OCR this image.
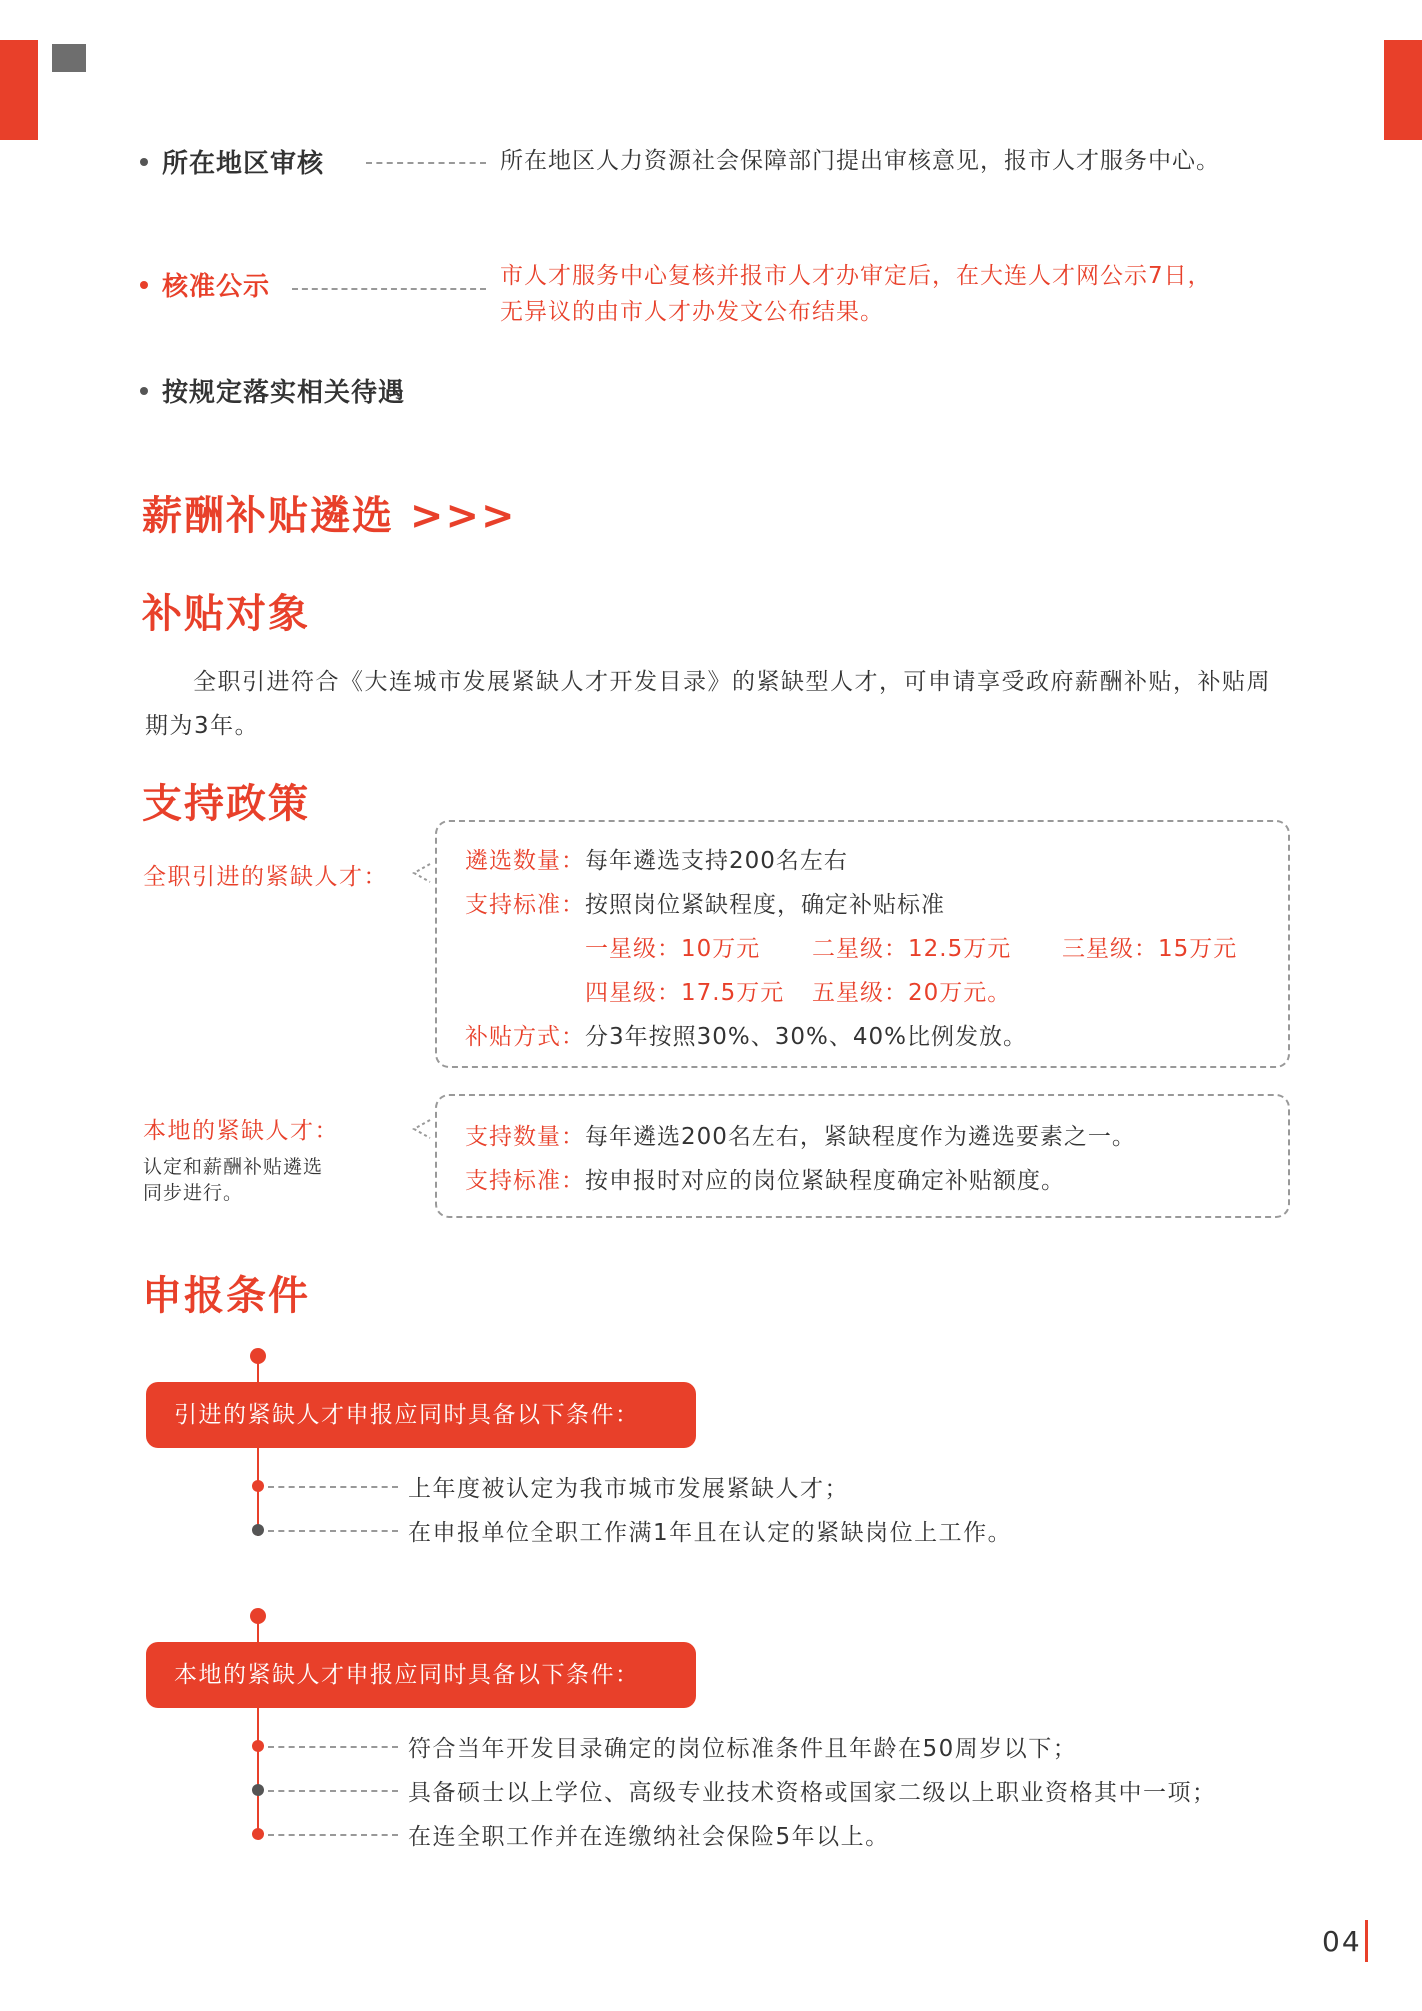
所在地区审核	所在地区人力资源社会保障部门提出审核意见，报市人才服务中心。
核准公示	市人才服务中心复核并报市人才办审定后，在大连人才网公示7日，
无异议的由市人才办发文公布结果。
按规定落实相关待遇
薪酬补贴遴选 >>>
补贴对象
全职引进符合《大连城市发展紧缺人才开发目录》的紧缺型人才，可申请享受政府薪酬补贴，补贴周期为3年。
支持政策
全职引进的紧缺人才：
遴选数量：每年遴选支持200名左右
支持标准：按照岗位紧缺程度，确定补贴标准
一星级：10万元 二星级：12.5万元 三星级：15万元
四星级：17.5万元 五星级：20万元。
补贴方式：分3年按照30%、30%、40%比例发放。
本地的紧缺人才：
认定和薪酬补贴遴选
同步进行。
支持数量：每年遴选200名左右，紧缺程度作为遴选要素之一。
支持标准：按申报时对应的岗位紧缺程度确定补贴额度。
申报条件
引进的紧缺人才申报应同时具备以下条件：
上年度被认定为我市城市发展紧缺人才；
在申报单位全职工作满1年且在认定的紧缺岗位上工作。
本地的紧缺人才申报应同时具备以下条件：
符合当年开发目录确定的岗位标准条件且年龄在50周岁以下；
具备硕士以上学位、高级专业技术资格或国家二级以上职业资格其中一项；
在连全职工作并在连缴纳社会保险5年以上。
04
